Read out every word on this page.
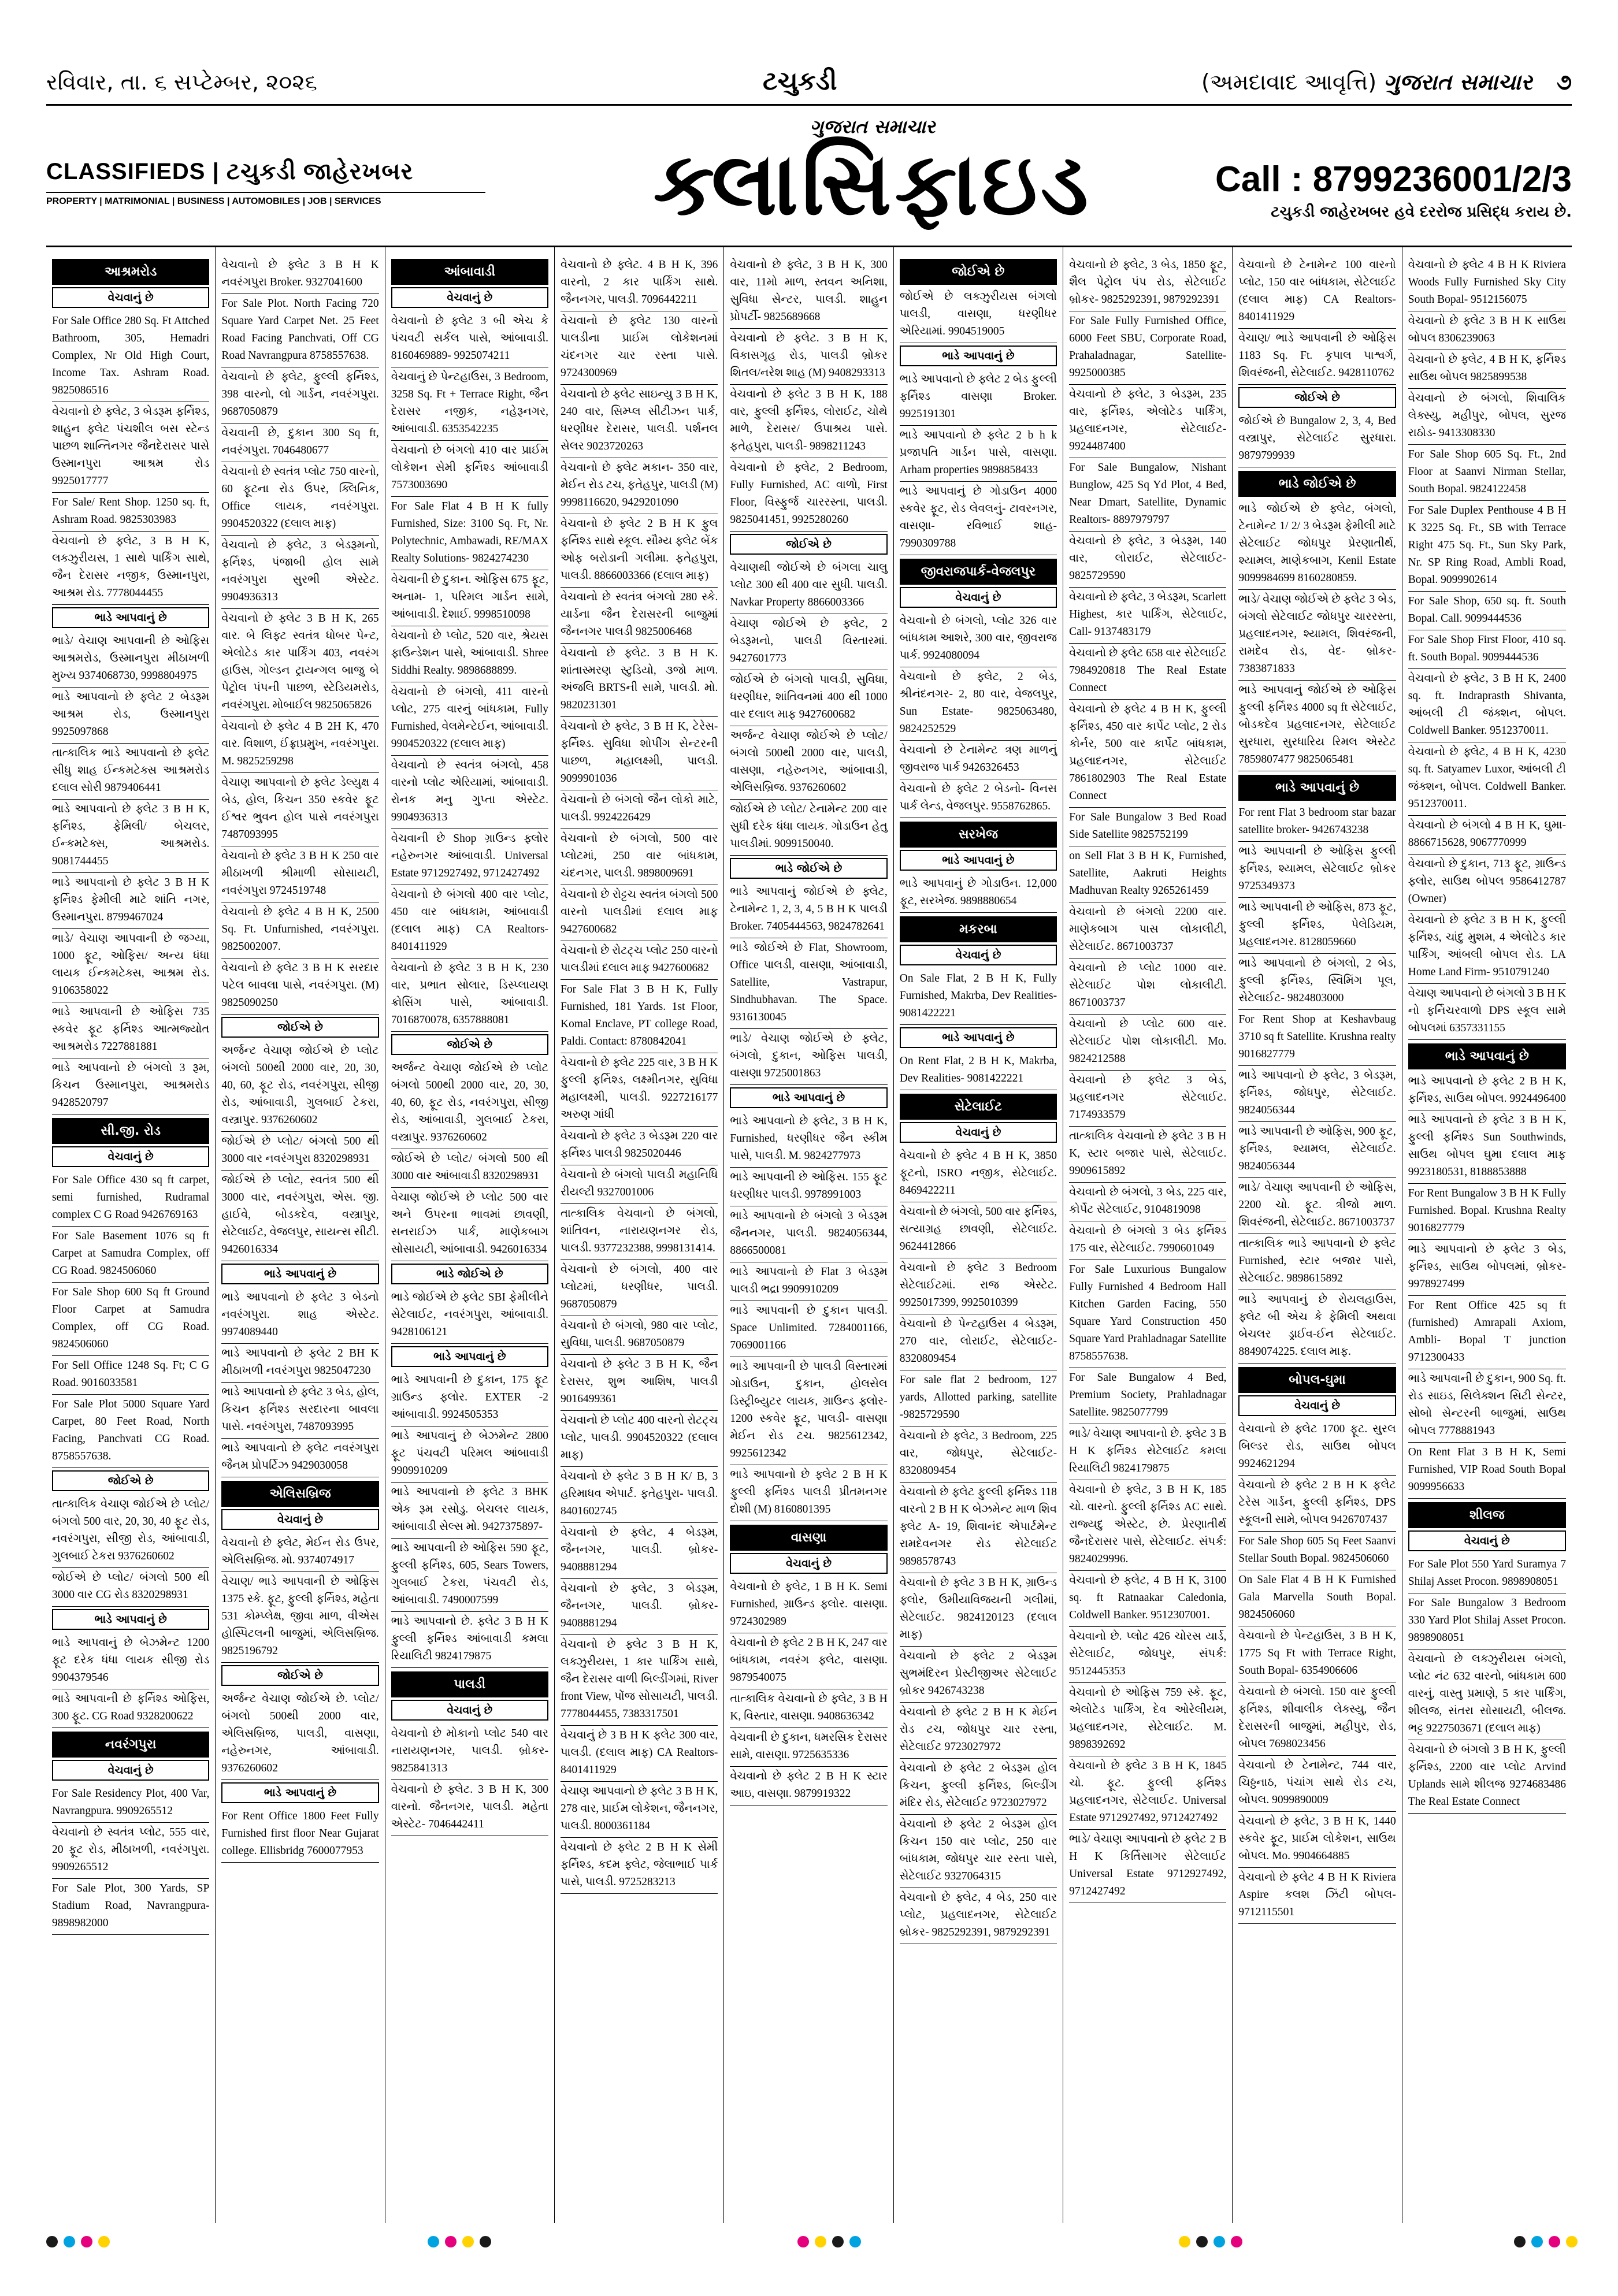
રવિવાર, તા. ૬ સપ્ટેમ્બર, ૨૦૨૬	ટચુકડી	(અમદાવાદ આવૃત્તિ) ગુજરાત સમાચાર ૭
CLASSIFIEDS | ટચુકડી જાહેરખબર
PROPERTY | MATRIMONIAL | BUSINESS | AUTOMOBILES | JOB | SERVICES
ગુજરાત સમાચાર
ક્લાસિફાઇડ	Call : 8799236001/2/3
ટચુકડી જાહેરખબર હવે દરરોજ પ્રસિદ્ધ કરાય છે.
આશ્રમરોડ
વેચવાનું છે
For Sale Office 280 Sq. Ft Attched Bathroom, 305, Hemadri Complex, Nr Old High Court, Income Tax. Ashram Road. 9825086516
વેચવાનો છે ફ્લેટ, 3 બેડરૂમ ફર્નિશ્ડ, શાહુન ફ્લેટ પંચશીલ બસ સ્ટેન્ડ પાછળ શાન્તિનગર જૈનદેરાસર પાસે ઉસ્માનપુરા આશ્રમ રોડ 9925017777
For Sale/ Rent Shop. 1250 sq. ft, Ashram Road. 9825303983
વેચવાનો છે ફ્લેટ, 3 B H K, લક્ઝુરીયસ, 1 સાથે પાર્કિંગ સાથે, જૈન દેરાસર નજીક, ઉસ્માનપુરા, આશ્રમ રોડ. 7778044455
ભાડે આપવાનું છે
ભાડે/ વેચાણ આપવાની છે ઓફિસ આશ્રમરોડ, ઉસ્માનપુરા મીઠાખળી મુખ્ય 9374068730, 9998804975
ભાડે આપવાનો છે ફ્લેટ 2 બેડરૂમ આશ્રમ રોડ, ઉસ્માનપુરા 9925097868
તાત્કાલિક ભાડે આપવાનો છે ફ્લેટ સીધુ શાહ ઈન્કમટેક્સ આશ્રમરોડ દલાલ સોરી 9879406441
ભાડે આપવાનો છે ફ્લેટ 3 B H K, ફર્નિશ્ડ, ફેમિલી/ બેચલર, ઈન્કમટેક્સ, આશ્રમરોડ. 9081744455
ભાડે આપવાનો છે ફ્લેટ 3 B H K ફર્નિશ્ડ ફેમીલી માટે શાંતિ નગર, ઉસ્માનપુરા. 8799467024
ભાડે/ વેચાણ આપવાની છે જગ્યા, 1000 ફૂટ, ઓફિસ/ અન્ય ધંધા લાયક ઈન્કમટેક્સ, આશ્રમ રોડ. 9106358022
ભાડે આપવાની છે ઓફિસ 735 સ્કવેર ફૂટ ફર્નિશ્ડ આત્મજ્યોત આશ્રમરોડ 7227881881
ભાડે આપવાનો છે બંગલો 3 રૂમ, કિચન ઉસ્માનપુરા, આશ્રમરોડ 9428520797
સી.જી. રોડ
વેચવાનું છે
For Sale Office 430 sq ft carpet, semi furnished, Rudramal complex C G Road 9426769163
For Sale Basement 1076 sq ft Carpet at Samudra Complex, off CG Road. 9824506060
For Sale Shop 600 Sq ft Ground Floor Carpet at Samudra Complex, off CG Road. 9824506060
For Sell Office 1248 Sq. Ft; C G Road. 9016033581
For Sale Plot 5000 Square Yard Carpet, 80 Feet Road, North Facing, Panchvati CG Road. 8758557638.
જોઈએ છે
તાત્કાલિક વેચાણ જોઈએ છે પ્લોટ/ બંગલો 500 વાર, 20, 30, 40 ફૂટ રોડ, નવરંગપુરા, સીજી રોડ, આંબાવાડી, ગુલબાઈ ટેકરા 9376260602
જોઈએ છે પ્લોટ/ બંગલો 500 થી 3000 વાર CG રોડ 8320298931
ભાડે આપવાનું છે
ભાડે આપવાનું છે બેઝમેન્ટ 1200 ફૂટ દરેક ધંધા લાયક સીજી રોડ 9904379546
ભાડે આપવાની છે ફર્નિશ્ડ ઓફિસ, 300 ફૂટ. CG Road 9328200622
નવરંગપુરા
વેચવાનું છે
For Sale Residency Plot, 400 Var, Navrangpura. 9909265512
વેચવાનો છે સ્વતંત્ર પ્લોટ, 555 વાર, 20 ફૂટ રોડ, મીઠાખળી, નવરંગપુરા. 9909265512
For Sale Plot, 300 Yards, SP Stadium Road, Navrangpura- 9898982000
વેચવાનો છે ફ્લેટ 3 B H K નવરંગપુરા Broker. 9327041600
For Sale Plot. North Facing 720 Square Yard Carpet Net. 25 Feet Road Facing Panchvati, Off CG Road Navrangpura 8758557638.
વેચવાનો છે ફ્લેટ, ફુલ્લી ફર્નિશ્ડ, 398 વારનો, લો ગાર્ડન, નવરંગપુરા. 9687050879
વેચવાની છે, દુકાન 300 Sq ft, નવરંગપુરા. 7046480677
વેચવાનો છે સ્વતંત્ર પ્લોટ 750 વારનો, 60 ફૂટના રોડ ઉપર, ક્લિનિક, Office લાયક, નવરંગપુરા. 9904520322 (દલાલ માફ)
વેચવાનો છે ફ્લેટ, 3 બેડરૂમનો, ફર્નિશ્ડ, પંજાબી હોલ સામે નવરંગપુરા સુરભી એસ્ટેટ. 9904936313
વેચવાનો છે ફ્લેટ 3 B H K, 265 વાર. બે લિફ્ટ સ્વતંત્ર ધોબર પેન્ટ, એલોટેડ કાર પાર્કિંગ 403, નવરંગ હાઉસ, ગોલ્ડન ટ્રાયન્ગલ બાજુ બે પેટ્રોલ પંપની પાછળ, સ્ટેડિયમરોડ, નવરંગપુરા. મોબાઈલ 9825065826
વેચવાનો છે ફ્લેટ 4 B 2H K, 470 વાર. વિશાળ, ઈંફ્રાપ્રમુખ, નવરંગપુરા. M. 9825259298
વેચાણ આપવાનો છે ફ્લેટ ડેલ્યુક્ષ 4 બેડ, હોલ, કિચન 350 સ્કવેર ફૂટ ઈશ્વર ભુવન હોલ પાસે નવરંગપુરા 7487093995
વેચવાનો છે ફ્લેટ 3 B H K 250 વાર મીઠાખળી શ્રીમાળી સોસાયટી, નવરંગપુરા 9724519748
વેચવાનો છે ફ્લેટ 4 B H K, 2500 Sq. Ft. Unfurnished, નવરંગપુરા. 9825002007.
વેચવાનો છે ફ્લેટ 3 B H K સરદાર પટેલ બાવલા પાસે, નવરંગપુરા. (M) 9825090250
જોઈએ છે
અર્જન્ટ વેચાણ જોઈએ છે પ્લોટ બંગલો 500થી 2000 વાર, 20, 30, 40, 60, ફૂટ રોડ, નવરંગપુરા, સીજી રોડ, આંબાવાડી, ગુલબાઈ ટેકરા, વસ્ત્રાપુર. 9376260602
જોઈએ છે પ્લોટ/ બંગલો 500 થી 3000 વાર નવરંગપુરા 8320298931
જોઈએ છે પ્લોટ, સ્વતંત્ર 500 થી 3000 વાર, નવરંગપુરા, એસ. જી. હાઈવે, બોડકદેવ, વસ્ત્રાપુર, સેટેલાઈટ, વેજલપુર, સાયન્સ સીટી. 9426016334
ભાડે આપવાનું છે
ભાડે આપવાનો છે ફ્લેટ 3 બેડનો નવરંગપુરા. શાહ એસ્ટેટ. 9974089440
ભાડે આપવાનો છે ફ્લેટ 2 BH K મીઠાખળી નવરંગપુરા 9825047230
ભાડે આપવાનો છે ફ્લેટ 3 બેડ, હોલ, કિચન ફર્નિશ્ડ સરદારના બાવલા પાસે. નવરંગપુરા, 7487093995
ભાડે આપવાનો છે ફ્લેટ નવરંગપુરા જૈનમ પ્રોપર્ટિઝ 9429030058
એલિસબ્રિજ
વેચવાનું છે
વેચવાનો છે ફ્લેટ, મેઈન રોડ ઉપર, એલિસબ્રિજ. મો. 9374074917
વેચાણ/ ભાડે આપવાની છે ઓફિસ 1375 સ્કે. ફૂટ, ફુલ્લી ફર્નિશ્ડ, મહેતા 531 કોમ્પ્લેક્ષ, જીવા માળ, વીએસ હોસ્પિટલની બાજુમાં, એલિસબ્રિજ. 9825196792
જોઈએ છે
અર્જન્ટ વેચાણ જોઈએ છે. પ્લોટ/ બંગલો 500થી 2000 વાર, એલિસબ્રિજ, પાલડી, વાસણા, નહેરુનગર, આંબાવાડી. 9376260602
ભાડે આપવાનું છે
For Rent Office 1800 Feet Fully Furnished first floor Near Gujarat college. Ellisbridg 7600077953
આંબાવાડી
વેચવાનું છે
વેચવાનો છે ફ્લેટ 3 બી એચ કે પંચવટી સર્કલ પાસે, આંબાવાડી. 8160469889- 9925074211
વેચવાનું છે પેન્ટહાઉસ, 3 Bedroom, 3258 Sq. Ft + Terrace Right, જૈન દેરાસર નજીક, નહેરૂનગર, આંબાવાડી. 6353542235
વેચવાનો છે બંગલો 410 વાર પ્રાઈમ લોકેશન સેમી ફર્નિશ્ડ આંબાવાડી 7573003690
For Sale Flat 4 B H K fully Furnished, Size: 3100 Sq. Ft, Nr. Polytechnic, Ambawadi, RE/MAX Realty Solutions- 9824274230
વેચવાની છે દુકાન. ઓફિસ 675 ફૂટ, અનામ- 1, પરિમલ ગાર્ડન સામે, આંબાવાડી. દેશાઈ. 9998510098
વેચવાનો છે પ્લોટ, 520 વાર, શ્રેયસ ફાઉન્ડેશન પાસે, આંબાવાડી. Shree Siddhi Realty. 9898688899.
વેચવાનો છે બંગલો, 411 વારનો પ્લોટ, 275 વારનું બાંધકામ, Fully Furnished, વેલમેન્ટેઈન, આંબાવાડી. 9904520322 (દલાલ માફ)
વેચવાનો છે સ્વતંત્ર બંગલો, 458 વારનો પ્લોટ એરિયામાં, આંબાવાડી. રોનક મનુ ગુપ્તા એસ્ટેટ. 9904936313
વેચવાની છે Shop ગ્રાઉન્ડ ફ્લોર નહેરુનગર આંબાવાડી. Universal Estate 9712927492, 9712427492
વેચવાનો છે બંગલો 400 વાર પ્લોટ, 450 વાર બાંધકામ, આંબાવાડી (દલાલ માફ) CA Realtors- 8401411929
વેચવાનો છે ફ્લેટ 3 B H K, 230 વાર, પ્રભાત સોલાર, ડિસ્પ્લાયણ ક્રોસિંગ પાસે, આંબાવાડી. 7016870078, 6357888081
જોઈએ છે
અર્જન્ટ વેચાણ જોઈએ છે પ્લોટ બંગલો 500થી 2000 વાર, 20, 30, 40, 60, ફૂટ રોડ, નવરંગપુરા, સીજી રોડ, આંબાવાડી, ગુલબાઈ ટેકરા, વસ્ત્રાપુર. 9376260602
જોઈએ છે પ્લોટ/ બંગલો 500 થી 3000 વાર આંબાવાડી 8320298931
વેચાણ જોઈએ છે પ્લોટ 500 વાર અને ઉપરના ભાવમાં છાવણી, સનરાઈઝ પાર્ક, માણેકબાગ સોસાયટી, આંબાવાડી. 9426016334
ભાડે જોઈએ છે
ભાડે જોઈએ છે ફ્લેટ SBI ફેમીલીને સેટેલાઈટ, નવરંગપુરા, આંબાવાડી. 9428106121
ભાડે આપવાનું છે
ભાડે આપવાની છે દુકાન, 175 ફૂટ ગ્રાઉન્ડ ફ્લોર. EXTER -2 આંબાવાડી. 9924505353
ભાડે આપવાનું છે બેઝમેન્ટ 2800 ફૂટ પંચવટી પરિમલ આંબાવાડી 9909910209
ભાડે આપવાનો છે ફ્લેટ 3 BHK એક રૂમ રસોડુ. બેચલર લાયક, આંબાવાડી સેલ્સ મો. 9427375897-
ભાડે આપવાની છે ઓફિસ 590 ફૂટ, ફુલ્લી ફર્નિશ્ડ, 605, Sears Towers, ગુલબાઈ ટેકરા, પંચવટી રોડ, આંબાવાડી. 7490007599
ભાડે આપવાનો છે. ફ્લેટ 3 B H K ફુલ્લી ફર્નિશ્ડ આંબાવાડી કમલા રિયાલિટી 9824179875
પાલડી
વેચવાનું છે
વેચવાનો છે મોકાનો પ્લોટ 540 વાર નારાયણનગર, પાલડી. બ્રોકર- 9825841313
વેચવાનો છે ફ્લેટ. 3 B H K, 300 વારનો. જૈનનગર, પાલડી. મહેતા એસ્ટેટ- 7046442411
વેચવાનો છે ફ્લેટ. 4 B H K, 396 વારનો, 2 કાર પાર્કિંગ સાથે. જૈનનગર, પાલડી. 7096442211
વેચવાનો છે ફ્લેટ 130 વારનો પાલડીના પ્રાઈમ લોકેશનમાં ચંદનગર ચાર રસ્તા પાસે. 9724300969
વેચવાનો છે ફ્લેટ સાઇન્યુ 3 B H K, 240 વાર, સિમ્પ્લ સીટીઝન પાર્ક, ધરણીધર દેરાસર, પાલડી. પર્શનલ સેલર 9023720263
વેચવાનો છે ફ્લેટ મકાન- 350 વાર, મેઈન રોડ ટચ, ફતેહપુર, પાલડી (M) 9998116620, 9429201090
વેચવાનો છે ફ્લેટ 2 B H K ફુલ ફર્નિશ્ડ સાથે સ્કૂલ. સૌમ્ય ફ્લેટ બેંક ઓફ બરોડાની ગલીમા. ફતેહપુરા, પાલડી. 8866003366 (દલાલ માફ)
વેચવાનો છે સ્વતંત્ર બંગલો 280 સ્કે. યાર્ડના જૈન દેરાસરની બાજુમાં જૈનનગર પાલડી 9825006468
વેચવાનો છે ફ્લેટ. 3 B H K. શાંતાસ્મરણ સ્ટુડિયો, ૩જો માળ. અંજલિ BRTSની સામે, પાલડી. મો. 9820231301
વેચવાનો છે ફ્લેટ, 3 B H K, ટેરેસ- ફર્નિશ્ડ. સુવિધા શોપીંગ સેન્ટરની પાછળ, મહાલક્ષ્મી, પાલડી. 9099901036
વેચવાનો છે બંગલો જૈન લોકો માટે, પાલડી. 9924226429
વેચવાનો છે બંગલો, 500 વાર પ્લોટમાં, 250 વાર બાંધકામ, ચંદનગર, પાલડી. 9898009691
વેચવાનો છે રોટ્ટચ સ્વતંત્ર બંગલો 500 વારનો પાલડીમાં દલાલ માફ 9427600682
વેચવાનો છે રોટટ્ચ પ્લોટ 250 વારનો પાલડીમાં દલાલ માફ 9427600682
For Sale Flat 3 B H K, Fully Furnished, 181 Yards. 1st Floor, Komal Enclave, PT college Road, Paldi. Contact: 8780842041
વેચવાનો છે ફ્લેટ 225 વાર, 3 B H K ફુલ્લી ફર્નિશ્ડ, લક્ષ્મીનગર, સુવિધા મહાલક્ષ્મી, પાલડી. 9227216177 અરુણ ગાંધી
વેચવાનો છે ફ્લેટ 3 બેડરૂમ 220 વાર ફર્નિશ્ડ પાલડી 9825020446
વેચવાનો છે બંગલો પાલડી મહાનિધિ રીયલ્ટી 9327001006
તાત્કાલિક વેચવાનો છે બંગલો, શાંતિવન, નારાયણનગર રોડ, પાલડી. 9377232388, 9998131414.
વેચવાનો છે બંગલો, 400 વાર પ્લોટમાં, ધરણીધર, પાલડી. 9687050879
વેચવાનો છે બંગલો, 980 વાર પ્લોટ, સુવિધા, પાલડી. 9687050879
વેચવાનો છે ફ્લેટ 3 B H K, જૈન દેરાસર, શુભ આશિષ, પાલડી 9016499361
વેચવાનો છે પ્લોટ 400 વારનો રોટટ્ચ પ્લોટ, પાલડી. 9904520322 (દલાલ માફ)
વેચવાનો છે ફ્લેટ 3 B H K/ B, 3 હરિમાધવ એપાર્ટ. ફતેહપુરા- પાલડી. 8401602745
વેચવાનો છે ફ્લેટ, 4 બેડરૂમ, જૈનનગર, પાલડી. બ્રોકર- 9408881294
વેચવાનો છે ફ્લેટ, 3 બેડરૂમ, જૈનનગર, પાલડી. બ્રોકર- 9408881294
વેચવાનો છે ફ્લેટ 3 B H K, લક્ઝુરીયસ, 1 કાર પાર્કિંગ સાથે, જૈન દેરાસર વાળી બિલ્ડીંગમાં, River front View, પોંજ સોસાયટી, પાલડી. 7778044455, 7383317501
વેચવાનું છે 3 B H K ફ્લેટ 300 વાર, પાલડી. (દલાલ માફ) CA Realtors- 8401411929
વેચાણ આપવાનો છે ફ્લેટ 3 B H K, 278 વાર, પ્રાઈમ લોકેશન, જૈનનગર, પાલડી. 8000361184
વેચવાનો છે ફ્લેટ 2 B H K સેમી ફર્નિશ્ડ, કદમ ફ્લેટ, જેલાભાઈ પાર્ક પાસે, પાલડી. 9725283213
વેચવાનો છે ફ્લેટ, 3 B H K, 300 વાર, 11મો માળ, સ્તવન અનિશા, સુવિધા સેન્ટર, પાલડી. શાહુન પ્રોપર્ટી- 9825689668
વેચવાનો છે ફ્લેટ. 3 B H K, વિકાસગૃહ રોડ, પાલડી બ્રોકર શિતલ/નરેશ શાહ (M) 9408293313
વેચવાનો છે ફ્લેટ 3 B H K, 188 વાર, ફુલ્લી ફર્નિશ્ડ, લોરાઈટ, ચોથે માળે, દેરાસર/ ઉપાશ્રય પાસે. ફતેહપુરા, પાલડી- 9898211243
વેચવાનો છે ફ્લેટ, 2 Bedroom, Fully Furnished, AC વાળો, First Floor, વિસ્ફુર્જ ચારરસ્તા, પાલડી. 9825041451, 9925280260
જોઈએ છે
વેચાણથી જોઈએ છે બંગલા ચાલુ પ્લોટ 300 થી 400 વાર સુધી. પાલડી. Navkar Property 8866003366
વેચાણ જોઈએ છે ફ્લેટ, 2 બેડરૂમનો, પાલડી વિસ્તારમાં. 9427601773
જોઈએ છે બંગલો પાલડી, સુવિધા, ધરણીધર, શાંતિવનમાં 400 થી 1000 વાર દલાલ માફ 9427600682
અર્જન્ટ વેચાણ જોઈએ છે પ્લોટ/ બંગલો 500થી 2000 વાર, પાલડી, વાસણા, નહેરુનગર, આંબાવાડી, એલિસબ્રિજ. 9376260602
જોઈએ છે પ્લોટ/ ટેનામેન્ટ 200 વાર સુધી દરેક ધંધા લાયક. ગોડાઉન હેતુ પાલડીમાં. 9099150040.
ભાડે જોઈએ છે
ભાડે આપવાનું જોઈએ છે ફ્લેટ, ટેનામેન્ટ 1, 2, 3, 4, 5 B H K પાલડી Broker. 7405444563, 9824782641
ભાડે જોઈએ છે Flat, Showroom, Office પાલડી, વાસણા, આંબાવાડી, Satellite, Vastrapur, Sindhubhavan. The Space. 9316130045
ભાડે/ વેચાણ જોઈએ છે ફ્લેટ, બંગલો, દુકાન, ઓફિસ પાલડી, વાસણા 9725001863
ભાડે આપવાનું છે
ભાડે આપવાનો છે ફ્લેટ, 3 B H K, Furnished, ધરણીધર જૈન સ્કીમ પાસે, પાલડી. M. 9824277973
ભાડે આપવાની છે ઓફિસ. 155 ફૂટ ધરણીધર પાલડી. 9978991003
ભાડે આપવાનો છે બંગલો 3 બેડરૂમ જૈનનગર, પાલડી. 9824056344, 8866500081
ભાડે આપવાનો છે Flat 3 બેડરૂમ પાલડી ભદ્રા 9909910209
ભાડે આપવાની છે દુકાન પાલડી. Space Unlimited. 7284001166, 7069001166
ભાડે આપવાની છે પાલડી વિસ્તારમાં ગોડાઉન, દુકાન, હોલસેલ ડિસ્ટ્રીબ્યુટર લાયક, ગ્રાઉન્ડ ફ્લોર- 1200 સ્કવેર ફૂટ, પાલડી- વાસણા મેઈન રોડ ટચ. 9825612342, 9925612342
ભાડે આપવાનો છે ફ્લેટ 2 B H K ફુલ્લી ફર્નિશ્ડ પાલડી પ્રીતમનગર દોશી (M) 8160801395
વાસણા
વેચવાનું છે
વેચવાનો છે ફ્લેટ, 1 B H K. Semi Furnished, ગ્રાઉન્ડ ફ્લોર. વાસણા. 9724302989
વેચવાનો છે ફ્લેટ 2 B H K, 247 વાર બાંધકામ, નવરંગ ફ્લેટ, વાસણા. 9879540075
તાત્કાલિક વેચવાનો છે ફ્લેટ, 3 B H K, વિસ્તાર, વાસણા. 9408636342
વેચવાની છે દુકાન, ધમરસિક દેરાસર સામે, વાસણા. 9725635336
વેચવાનો છે ફ્લેટ 2 B H K સ્ટાર આઇ, વાસણા. 9879919322
જોઈએ છે
જોઈએ છે લક્ઝુરીયસ બંગલો પાલડી, વાસણા, ધરણીધર એરિયામાં. 9904519005
ભાડે આપવાનું છે
ભાડે આપવાનો છે ફ્લેટ 2 બેડ ફુલ્લી ફર્નિશ્ડ વાસણા Broker. 9925191301
ભાડે આપવાનો છે ફ્લેટ 2 b h k પ્રજાપતિ ગાર્ડન પાસે, વાસણા. Arham properties 9898858433
ભાડે આપવાનું છે ગોડાઉન 4000 સ્કવેર ફૂટ, રોડ લેવલનું- ટાવરનગર, વાસણા- રવિભાઈ શાહ- 7990309788
જીવરાજપાર્ક-વેજલપુર
વેચવાનું છે
વેચવાનો છે બંગલો, પ્લોટ 326 વાર બાંધકામ આશરે, 300 વાર, જીવરાજ પાર્ક. 9924080094
વેચવાનો છે ફ્લેટ, 2 બેડ, શ્રીનંદનગર- 2, 80 વાર, વેજલપુર, Sun Estate- 9825063480, 9824252529
વેચવાનો છે ટેનામેન્ટ ત્રણ માળનું જીવરાજ પાર્ક 9426326453
વેચવાનો છે ફ્લેટ 2 બેડનો- વિનસ પાર્ક લેન્ડ, વેજલપુર. 9558762865.
સરખેજ
ભાડે આપવાનું છે
ભાડે આપવાનું છે ગોડાઉન. 12,000 ફૂટ, સરખેજ. 9898880654
મકરબા
વેચવાનું છે
On Sale Flat, 2 B H K, Fully Furnished, Makrba, Dev Realities- 9081422221
ભાડે આપવાનું છે
On Rent Flat, 2 B H K, Makrba, Dev Realities- 9081422221
સેટેલાઈટ
વેચવાનું છે
વેચવાનો છે ફ્લેટ 4 B H K, 3850 ફૂટનો, ISRO નજીક, સેટેલાઈટ. 8469422211
વેચવાનો છે બંગલો, 500 વાર ફર્નિશ્ડ, સત્યાગ્રહ છાવણી, સેટેલાઈટ. 9624412866
વેચવાનો છે ફ્લેટ 3 Bedroom સેટેલાઈટમાં. રાજ એસ્ટેટ. 9925017399, 9925010399
વેચવાનો છે પેન્ટહાઉસ 4 બેડરૂમ, 270 વાર, લોરાઈટ, સેટેલાઈટ- 8320809454
For sale flat 2 bedroom, 127 yards, Allotted parking, satellite -9825729590
વેચવાનો છે ફ્લેટ, 3 Bedroom, 225 વાર, જોધપુર, સેટેલાઈટ- 8320809454
વેચવાનો છે ફ્લેટ ફુલ્લી ફર્નિશ્ડ 118 વારનો 2 B H K બેઝમેન્ટ માળ શિવ ફ્લેટ A- 19, શિવાનંદ એપાર્ટમેન્ટ રામદેવનગર રોડ સેટેલાઈટ 9898578743
વેચવાનો છે ફ્લેટ 3 B H K, ગ્રાઉન્ડ ફ્લોર, ઉમીયાવિજયની ગલીમાં, સેટેલાઈટ. 9824120123 (દલાલ માફ)
વેચવાનો છે ફ્લેટ 2 બેડરૂમ સુભમંદિરન પ્રેસ્ટીજીઅર સેટેલાઈટ બ્રોકર 9426743238
વેચવાનો છે ફ્લેટ 2 B H K મેઈન રોડ ટચ, જોધપુર ચાર રસ્તા, સેટેલાઈટ 9723027972
વેચવાનો છે ફ્લેટ 2 બેડરૂમ હોલ કિચન, ફુલ્લી ફર્નિશ્ડ, બિલ્ડીંગ મંદિર રોડ, સેટેલાઈટ 9723027972
વેચવાનો છે ફ્લેટ 2 બેડરૂમ હોલ કિચન 150 વાર પ્લોટ, 250 વાર બાંધકામ, જોધપુર ચાર રસ્તા પાસે, સેટેલાઈટ 9327064315
વેચવાનો છે ફ્લેટ, 4 બેડ, 250 વાર પ્લોટ, પ્રહલાદનગર, સેટેલાઈટ બ્રોકર- 9825292391, 9879292391
વેચવાનો છે ફ્લેટ, 3 બેડ, 1850 ફૂટ, શૈલ પેટ્રોલ પંપ રોડ, સેટેલાઈટ બ્રોકર- 9825292391, 9879292391
For Sale Fully Furnished Office, 6000 Feet SBU, Corporate Road, Prahaladnagar, Satellite- 9925000385
વેચવાનો છે ફ્લેટ, 3 બેડરૂમ, 235 વાર, ફર્નિશ્ડ, એલોટેડ પાર્કિંગ, પ્રહલાદનગર, સેટેલાઈટ- 9924487400
For Sale Bungalow, Nishant Bunglow, 425 Sq Yd Plot, 4 Bed, Near Dmart, Satellite, Dynamic Realtors- 8897979797
વેચવાનો છે ફ્લેટ, 3 બેડરૂમ, 140 વાર, લોરાઈટ, સેટેલાઈટ- 9825729590
વેચવાનો છે ફ્લેટ, 3 બેડરૂમ, Scarlett Highest, કાર પાર્કિંગ, સેટેલાઈટ, Call- 9137483179
વેચવાનો છે ફ્લેટ 658 વાર સેટેલાઈટ 7984920818 The Real Estate Connect
વેચવાનો છે ફ્લેટ 4 B H K, ફુલ્લી ફર્નિશ્ડ, 450 વાર કાર્પેટ પ્લોટ, 2 રોડ કોર્નર, 500 વાર કાર્પેટ બાંધકામ, પ્રહલાદનગર, સેટેલાઈટ 7861802903 The Real Estate Connect
For Sale Bungalow 3 Bed Road Side Satellite 9825752199
on Sell Flat 3 B H K, Furnished, Satellite, Aakruti Heights Madhuvan Realty 9265261459
વેચવાનો છે બંગલો 2200 વાર. માણેકબાગ પાસ લોકાલીટી, સેટેલાઈટ. 8671003737
વેચવાનો છે પ્લોટ 1000 વાર. સેટેલાઈટ પોશ લોકાલીટી. 8671003737
વેચવાનો છે પ્લોટ 600 વાર. સેટેલાઈટ પોશ લોકાલીટી. Mo. 9824212588
વેચવાનો છે ફ્લેટ 3 બેડ, પ્રહલાદનગર સેટેલાઈટ. 7174933579
તાત્કાલિક વેચવાનો છે ફ્લેટ 3 B H K, સ્ટાર બજાર પાસે, સેટેલાઈટ. 9909615892
વેચવાનો છે બંગલો, 3 બેડ, 225 વાર, કોર્પેટ સેટેલાઈટ, 9104819098
વેચવાનો છે બંગલો 3 બેડ ફર્નિશ્ડ 175 વાર, સેટેલાઈટ. 7990601049
For Sale Luxurious Bungalow Fully Furnished 4 Bedroom Hall Kitchen Garden Facing, 550 Square Yard Construction 450 Square Yard Prahladnagar Satellite 8758557638.
For Sale Bungalow 4 Bed, Premium Society, Prahladnagar Satellite. 9825077799
ભાડે/ વેચાણ આપવાનો છે. ફ્લેટ 3 B H K ફર્નિશ્ડ સેટેલાઈટ કમલા રિયાલિટી 9824179875
વેચવાનો છે ફ્લેટ, 3 B H K, 185 ચો. વારનો. ફુલ્લી ફર્નિશ્ડ AC સાથે. રાજ્યદુ એસ્ટેટ, છે. પ્રેરણાતીર્થ જૈનદેરાસર પાસે, સેટેલાઈટ. સંપર્ક: 9824029996.
વેચવાનો છે ફ્લેટ, 4 B H K, 3100 sq. ft Ratnaakar Caledonia, Coldwell Banker. 9512307001.
વેચવાનો છે. પ્લોટ 426 ચોરસ યાર્ડ, સેટેલાઈટ, જોધપુર, સંપર્ક: 9512445353
વેચવાનો છે ઓફિસ 759 સ્કે. ફૂટ, એલોટેડ પાર્કિંગ, દેવ ઓરેલીયમ, પ્રહલાદનગર, સેટેલાઈટ. M. 9898392692
વેચવાનો છે ફ્લેટ 3 B H K, 1845 ચો. ફૂટ. ફુલ્લી ફર્નિશ્ડ પ્રહલાદનગર, સેટેલાઈટ. Universal Estate 9712927492, 9712427492
ભાડે/ વેચાણ આપવાનો છે ફ્લેટ 2 B H K કિર્તિસાગર સેટેલાઈટ Universal Estate 9712927492, 9712427492
વેચવાનો છે ટેનામેન્ટ 100 વારનો પ્લોટ, 150 વાર બાંધકામ, સેટેલાઈટ (દલાલ માફ) CA Realtors- 8401411929
વેચાણ/ ભાડે આપવાની છે ઓફિસ 1183 Sq. Ft. કૃપાલ પાશ્વર્ગ, શિવરંજની, સેટેલાઈટ. 9428110762
જોઈએ છે
જોઈએ છે Bungalow 2, 3, 4, Bed વસ્ત્રાપુર, સેટેલાઈટ સુરધારા. 9879799939
ભાડે જોઈએ છે
ભાડે જોઈએ છે ફ્લેટ, બંગલો, ટેનામેન્ટ 1/ 2/ 3 બેડરૂમ ફેમીલી માટે સેટેલાઈટ જોધપુર પ્રેરણાતીર્થ, શ્યામલ, માણેકબાગ, Kenil Estate 9099984699 8160280859.
ભાડે/ વેચાણ જોઈએ છે ફ્લેટ 3 બેડ, બંગલો સેટેલાઈટ જોધપુર ચારરસ્તા, પ્રહલાદનગર, શ્યામલ, શિવરંજની, રામદેવ રોડ, વેદ- બ્રોકર- 7383871833
ભાડે આપવાનું જોઈએ છે ઓફિસ ફુલ્લી ફર્નિશ્ડ 4000 sq ft સેટેલાઈટ, બોડકદેવ પ્રહલાદનગર, સેટેલાઈટ સુરધારા, સુરધારિય રિમલ એસ્ટેટ 7859807477 9825065481
ભાડે આપવાનું છે
For rent Flat 3 bedroom star bazar satellite broker- 9426743238
ભાડે આપવાની છે ઓફિસ ફુલ્લી ફર્નિશ્ડ, શ્યામલ, સેટેલાઈટ બ્રોકર 9725349373
ભાડે આપવાની છે ઓફિસ, 873 ફૂટ, ફુલ્લી ફર્નિશ્ડ, પેલેડિયમ, પ્રહલાદનગર. 8128059660
ભાડે આપવાનો છે બંગલો, 2 બેડ, ફુલ્લી ફર્નિશ્ડ, સ્વિમિંગ પૂલ, સેટેલાઈટ- 9824803000
For Rent Shop at Keshavbaug 3710 sq ft Satellite. Krushna realty 9016827779
ભાડે આપવાનો છે ફ્લેટ, 3 બેડરૂમ, ફર્નિશ્ડ, જોધપુર, સેટેલાઈટ. 9824056344
ભાડે આપવાની છે ઓફિસ, 900 ફૂટ, ફર્નિશ્ડ, શ્યામલ, સેટેલાઈટ. 9824056344
ભાડે/ વેચાણ આપવાની છે ઓફિસ, 2200 ચો. ફૂટ. ત્રીજો માળ. શિવરંજની, સેટેલાઈટ. 8671003737
તાત્કાલિક ભાડે આપવાનો છે ફ્લેટ Furnished, સ્ટાર બજાર પાસે, સેટેલાઈટ. 9898615892
ભાડે આપવાનું છે રોયલહાઉસ, ફ્લેટ બી એચ કે ફેમિલી અથવા બેચલર ડ્રાઈવ-ઈન સેટેલાઈટ. 8849074225. દલાલ માફ.
બોપલ-ઘુમા
વેચવાનું છે
વેચવાનો છે ફ્લેટ 1700 ફૂટ. સુરલ બિલ્ડર રોડ, સાઉથ બોપલ 9924621294
વેચવાનો છે ફ્લેટ 2 B H K ફલેટ ટેરેસ ગાર્ડન, ફુલ્લી ફર્નિશ્ડ, DPS સ્કૂલની સામે, બોપલ 9426707437
For Sale Shop 605 Sq Feet Saanvi Stellar South Bopal. 9824506060
On Sale Flat 4 B H K Furnished Gala Marvella South Bopal. 9824506060
વેચવાનો છે પેન્ટહાઉસ, 3 B H K, 1775 Sq Ft with Terrace Right, South Bopal- 6354906606
વેચવાનો છે બંગલો. 150 વાર ફુલ્લી ફર્નિશ્ડ, શીવાલીક લેક્સ્યુ, જૈન દેરાસરની બાજુમાં, મહીપુર, રોડ, બોપલ 7698023456
વેચવાનો છે ટેનામેન્ટ, 744 વાર, ચિઠ્ઠનાઠ, પંચાંગ સાથે રોડ ટચ, બોપલ. 9099890009
વેચવાનો છે ફ્લેટ, 3 B H K, 1440 સ્કવેર ફૂટ, પ્રાઈમ લોકેશન, સાઉથ બોપલ. Mo. 9904664885
વેચવાનો છે ફ્લેટ 4 B H K Riviera Aspire કલશ ઝિંટી બોપલ- 9712115501
વેચવાનો છે ફ્લેટ 4 B H K Riviera Woods Fully Furnished Sky City South Bopal- 9512156075
વેચવાનો છે ફ્લેટ 3 B H K સાઉથ બોપલ 8306239063
વેચવાનો છે ફ્લેટ, 4 B H K, ફર્નિશ્ડ સાઉથ બોપલ 9825899538
વેચવાનો છે બંગલો, શિવાલિક લેક્સ્યુ, મહીપુર, બોપલ, સુરજ રાઠોડ- 9413308330
For Sale Shop 605 Sq. Ft., 2nd Floor at Saanvi Nirman Stellar, South Bopal. 9824122458
For Sale Duplex Penthouse 4 B H K 3225 Sq. Ft., SB with Terrace Right 475 Sq. Ft., Sun Sky Park, Nr. SP Ring Road, Ambli Road, Bopal. 9099902614
For Sale Shop, 650 sq. ft. South Bopal. Call. 9099444536
For Sale Shop First Floor, 410 sq. ft. South Bopal. 9099444536
વેચવાનો છે ફ્લેટ, 3 B H K, 2400 sq. ft. Indraprasth Shivanta, આંબલી ટી જંક્શન, બોપલ. Coldwell Banker. 9512370011.
વેચવાનો છે ફ્લેટ, 4 B H K, 4230 sq. ft. Satyamev Luxor, આંબલી ટી જંક્શન, બોપલ. Coldwell Banker. 9512370011.
વેચવાનો છે બંગલો 4 B H K, ઘુમા- 8866715628, 9067770999
વેચવાનો છે દુકાન, 713 ફૂટ, ગ્રાઉન્ડ ફ્લોર, સાઉથ બોપલ 9586412787 (Owner)
વેચવાનો છે ફ્લેટ 3 B H K, ફુલ્લી ફર્નિશ્ડ, ચાંદુ મુશમ, 4 એલોટેડ કાર પાર્કિંગ, આંબલી બોપલ રોડ. LA Home Land Firm- 9510791240
વેચાણ આપવાનો છે બંગલો 3 B H K નો ફર્નિચરવાળો DPS સ્કૂલ સામે બોપલમાં 6357331155
ભાડે આપવાનું છે
ભાડે આપવાનો છે ફ્લેટ 2 B H K, ફર્નિશ્ડ, સાઉથ બોપલ. 9924496400
ભાડે આપવાનો છે ફ્લેટ 3 B H K, ફુલ્લી ફર્નિશ્ડ Sun Southwinds, સાઉથ બોપલ ઘુમા દલાલ માફ 9923180531, 8188853888
For Rent Bungalow 3 B H K Fully Furnished. Bopal. Krushna Realty 9016827779
ભાડે આપવાનો છે ફ્લેટ 3 બેડ, ફર્નિશ્ડ, સાઉથ બોપલમાં, બ્રોકર- 9978927499
For Rent Office 425 sq ft (furnished) Amrapali Axiom, Ambli- Bopal T junction 9712300433
ભાડે આપવાની છે દુકાન, 900 Sq. ft. રોડ સાઇડ, સિલેક્શન સિટી સેન્ટર, સોબો સેન્ટરની બાજુમાં, સાઉથ બોપલ 7778881943
On Rent Flat 3 B H K, Semi Furnished, VIP Road South Bopal 9099956633
શીલજ
વેચવાનું છે
For Sale Plot 550 Yard Suramya 7 Shilaj Asset Procon. 9898908051
For Sale Bungalow 3 Bedroom 330 Yard Plot Shilaj Asset Procon. 9898908051
વેચવાનો છે લક્ઝુરીયસ બંગલો, પ્લોટ નંટ 632 વારનો, બાંધકામ 600 વારનું, વાસ્તુ પ્રમાણે, 5 કાર પાર્કિંગ, શીલજ, સંતરા સોસાયટી, બીલજ. ભટ્ટ 9227503671 (દલાલ માફ)
વેચવાનો છે બંગલો 3 B H K, ફુલ્લી ફર્નિશ્ડ, 2200 વાર પ્લોટ Arvind Uplands સામે શીલજ 9274683486 The Real Estate Connect
